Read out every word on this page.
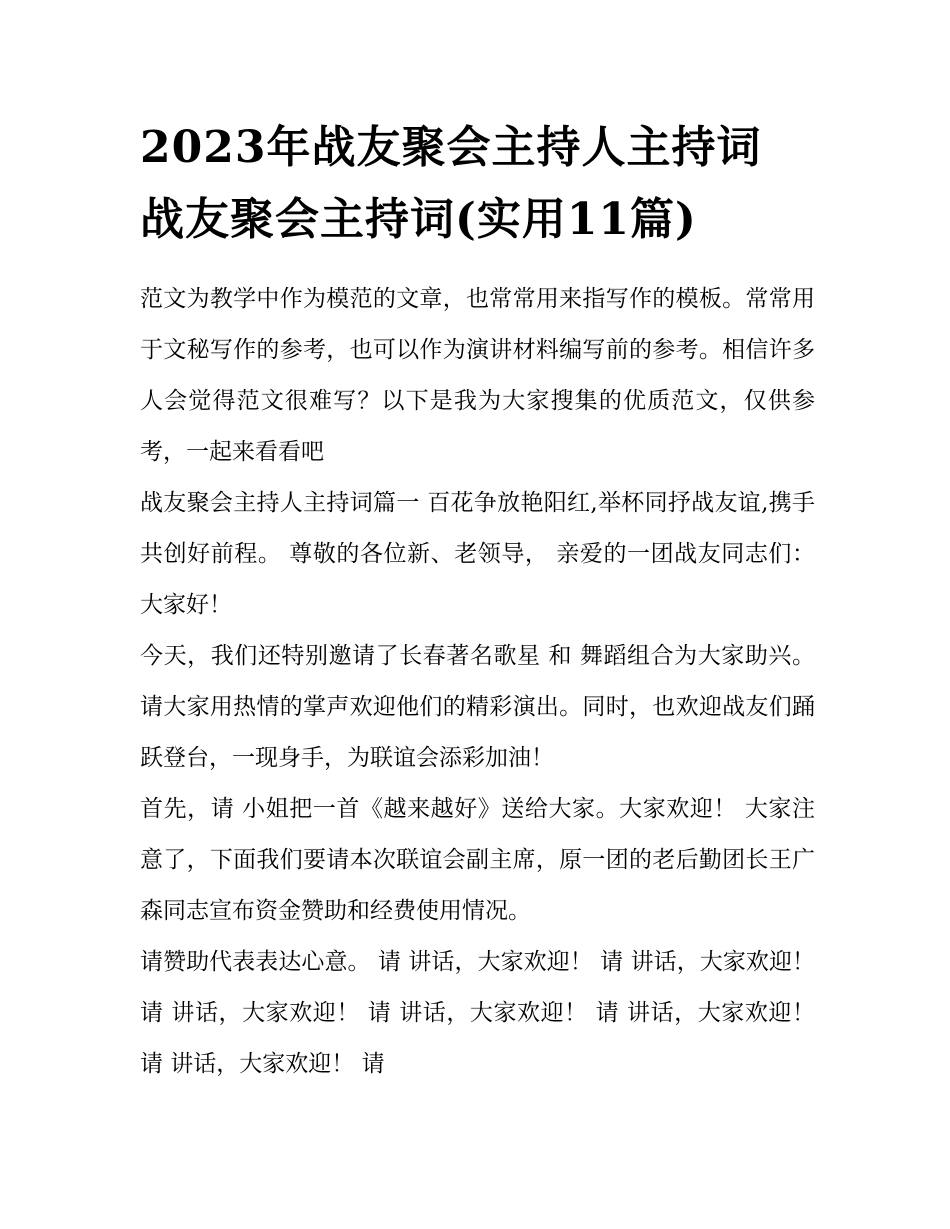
2023年战友聚会主持人主持词
战友聚会主持词(实用11篇)

范文为教学中作为模范的文章，也常常用来指写作的模板。常常用于文秘写作的参考，也可以作为演讲材料编写前的参考。相信许多人会觉得范文很难写？以下是我为大家搜集的优质范文，仅供参考，一起来看看吧

战友聚会主持人主持词篇一 百花争放艳阳红,举杯同抒战友谊,携手共创好前程。 尊敬的各位新、老领导， 亲爱的一团战友同志们：大家好！

今天，我们还特别邀请了长春著名歌星 和 舞蹈组合为大家助兴。请大家用热情的掌声欢迎他们的精彩演出。同时，也欢迎战友们踊跃登台，一现身手，为联谊会添彩加油！

首先，请 小姐把一首《越来越好》送给大家。大家欢迎！ 大家注意了，下面我们要请本次联谊会副主席，原一团的老后勤团长王广森同志宣布资金赞助和经费使用情况。

请赞助代表表达心意。 请 讲话，大家欢迎！ 请 讲话，大家欢迎！ 请 讲话，大家欢迎！ 请 讲话，大家欢迎！ 请 讲话，大家欢迎！ 请 讲话，大家欢迎！ 请
